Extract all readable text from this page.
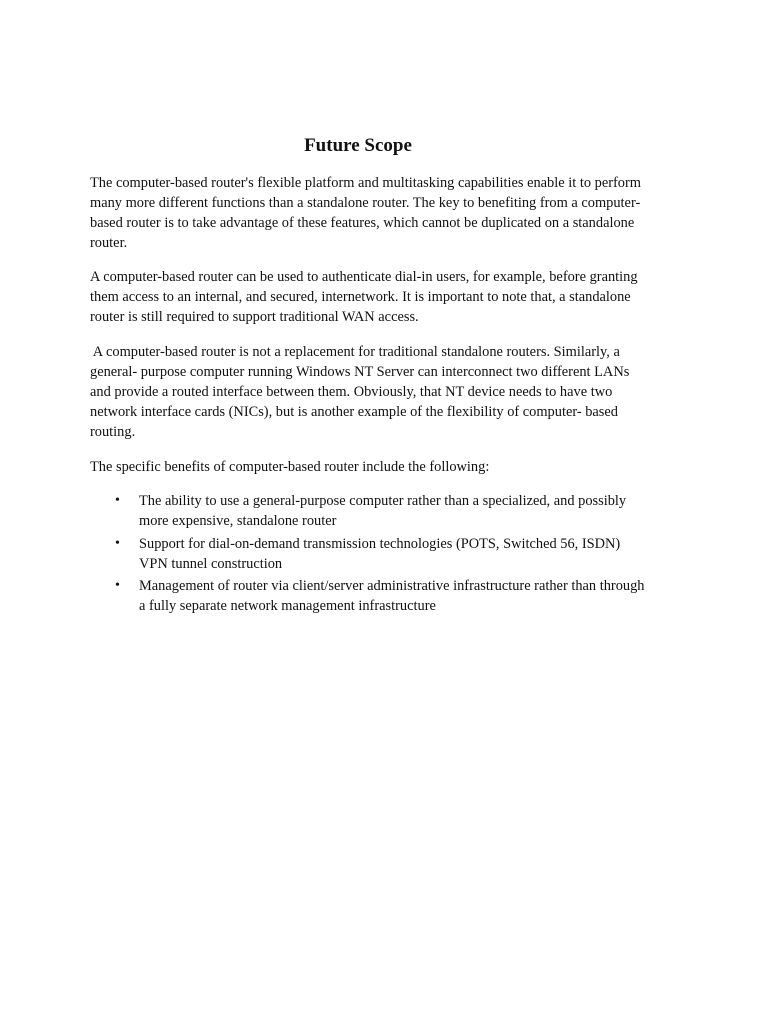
Future Scope
The computer-based router's flexible platform and multitasking capabilities enable it to perform
many more different functions than a standalone router. The key to benefiting from a computer-
based router is to take advantage of these features, which cannot be duplicated on a standalone
router.
A computer-based router can be used to authenticate dial-in users, for example, before granting
them access to an internal, and secured, internetwork. It is important to note that, a standalone
router is still required to support traditional WAN access.
A computer-based router is not a replacement for traditional standalone routers. Similarly, a
general- purpose computer running Windows NT Server can interconnect two different LANs
and provide a routed interface between them. Obviously, that NT device needs to have two
network interface cards (NICs), but is another example of the flexibility of computer- based
routing.
The specific benefits of computer-based router include the following:
• The ability to use a general-purpose computer rather than a specialized, and possibly
more expensive, standalone router
• Support for dial-on-demand transmission technologies (POTS, Switched 56, ISDN)
VPN tunnel construction
• Management of router via client/server administrative infrastructure rather than through
a fully separate network management infrastructure
